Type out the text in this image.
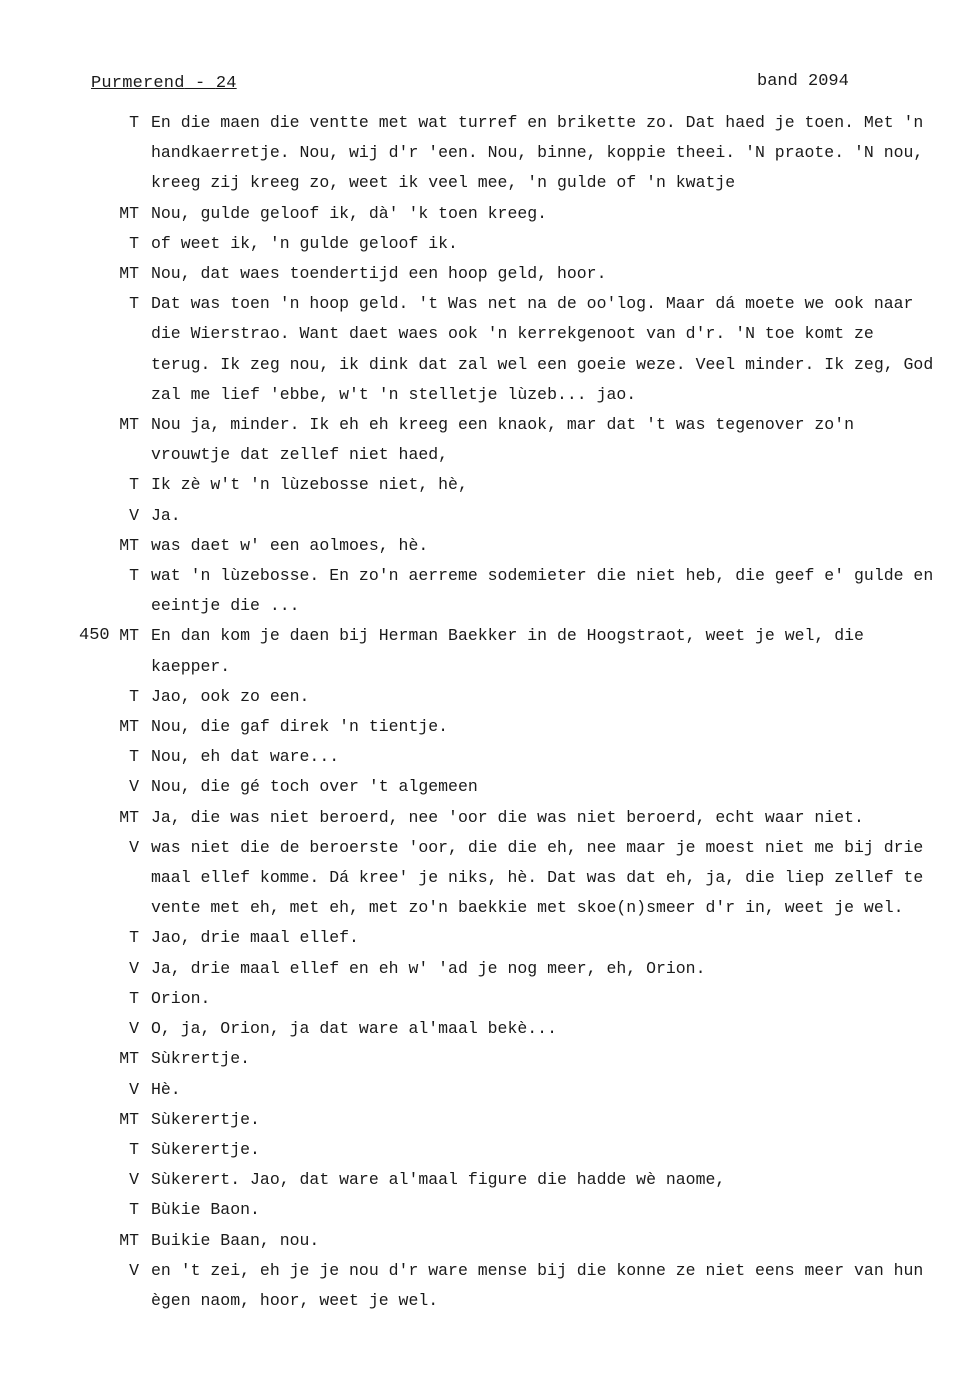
Purmerend - 24	band 2094
T En die maen die ventte met wat turref en brikette zo. Dat haed je toen. Met 'n handkaerretje. Nou, wij d'r 'een. Nou, binne, koppie theei. 'N praote. 'N nou, kreeg zij kreeg zo, weet ik veel mee, 'n gulde of 'n kwatje
MT Nou, gulde geloof ik, dà' 'k toen kreeg.
T of weet ik, 'n gulde geloof ik.
MT Nou, dat waes toendertijd een hoop geld, hoor.
T Dat was toen 'n hoop geld. 't Was net na de oo'log. Maar dá moete we ook naar die Wierstrao. Want daet waes ook 'n kerrekgenoot van d'r. 'N toe komt ze terug. Ik zeg nou, ik dink dat zal wel een goeie weze. Veel minder. Ik zeg, God zal me lief 'ebbe, w't 'n stelletje lùzeb... jao.
MT Nou ja, minder. Ik eh eh kreeg een knaok, mar dat 't was tegenover zo'n vrouwtje dat zellef niet haed,
T Ik zè w't 'n lùzebosse niet, hè,
V Ja.
MT was daet w' een aolmoes, hè.
T wat 'n lùzebosse. En zo'n aerreme sodemieter die niet heb, die geef e' gulde en eeintje die ...
450 MT En dan kom je daen bij Herman Baekker in de Hoogstraot, weet je wel, die kaepper.
T Jao, ook zo een.
MT Nou, die gaf direk 'n tientje.
T Nou, eh dat ware...
V Nou, die gé toch over 't algemeen
MT Ja, die was niet beroerd, nee 'oor die was niet beroerd, echt waar niet.
V was niet die de beroerste 'oor, die die eh, nee maar je moest niet me bij drie maal ellef komme. Dá kree' je niks, hè. Dat was dat eh, ja, die liep zellef te vente met eh, met eh, met zo'n baekkie met skoe(n)smeer d'r in, weet je wel.
T Jao, drie maal ellef.
V Ja, drie maal ellef en eh w' 'ad je nog meer, eh, Orion.
T Orion.
V O, ja, Orion, ja dat ware al'maal bekè...
MT Sùkrertje.
V Hè.
MT Sùkerertje.
T Sùkerertje.
V Sùkerert. Jao, dat ware al'maal figure die hadde wè naome,
T Bùkie Baon.
MT Buikie Baan, nou.
V en 't zei, eh je je nou d'r ware mense bij die konne ze niet eens meer van hun ègen naom, hoor, weet je wel.
